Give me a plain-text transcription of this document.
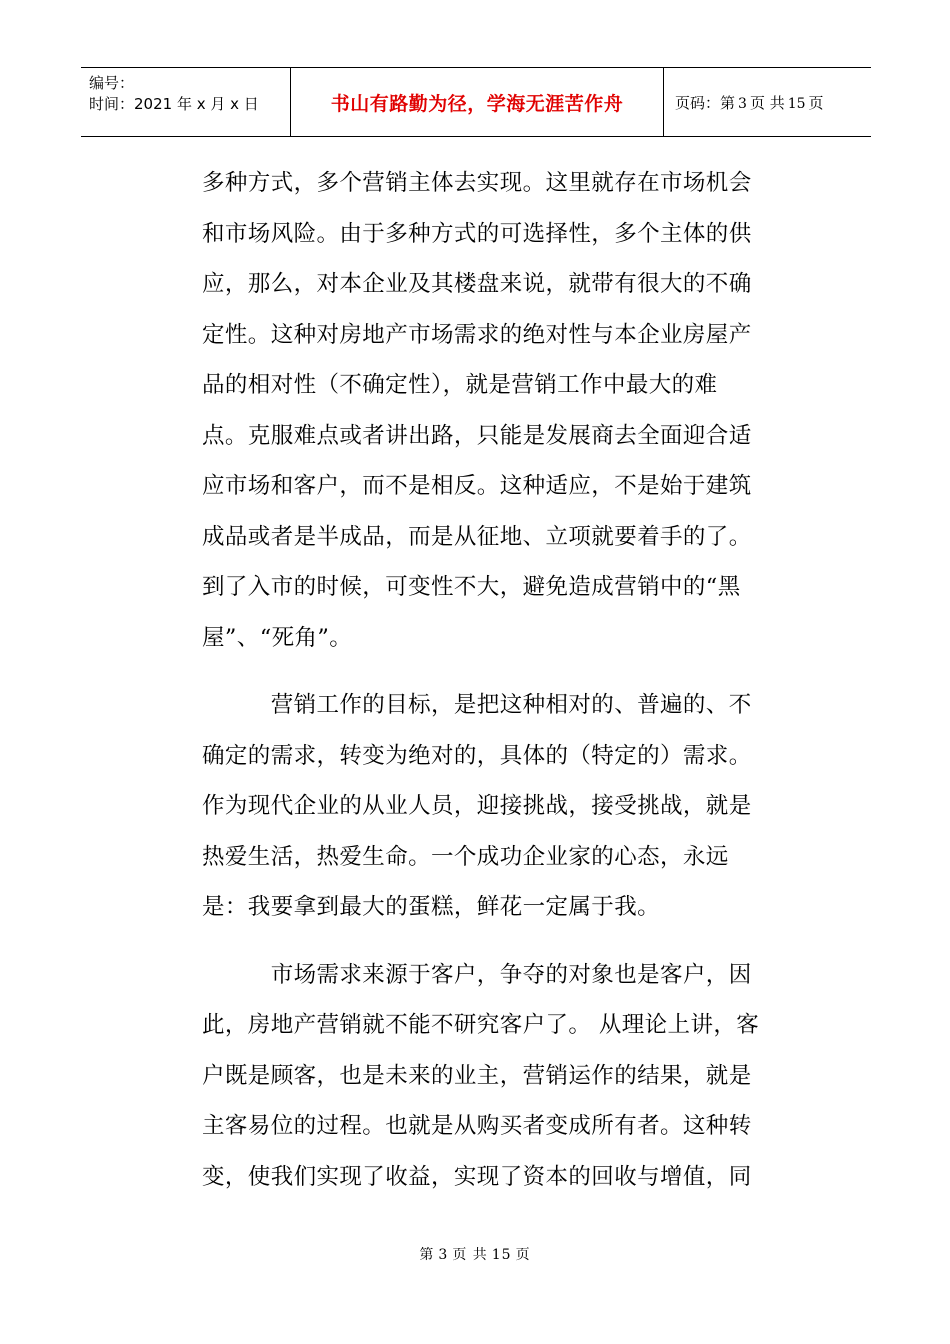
编号：
时间：2021 年 x 月 x 日	书山有路勤为径，学海无涯苦作舟	页码：第 3 页 共 15 页

多种方式，多个营销主体去实现。这里就存在市场机会和市场风险。由于多种方式的可选择性，多个主体的供应，那么，对本企业及其楼盘来说，就带有很大的不确定性。这种对房地产市场需求的绝对性与本企业房屋产品的相对性（不确定性），就是营销工作中最大的难点。克服难点或者讲出路，只能是发展商去全面迎合适应市场和客户，而不是相反。这种适应，不是始于建筑成品或者是半成品，而是从征地、立项就要着手的了。到了入市的时候，可变性不大，避免造成营销中的“黑屋”、“死角”。

　　　营销工作的目标，是把这种相对的、普遍的、不确定的需求，转变为绝对的，具体的（特定的）需求。作为现代企业的从业人员，迎接挑战，接受挑战，就是热爱生活，热爱生命。一个成功企业家的心态，永远是：我要拿到最大的蛋糕，鲜花一定属于我。

　　　市场需求来源于客户，争夺的对象也是客户，因此，房地产营销就不能不研究客户了。 从理论上讲，客户既是顾客，也是未来的业主，营销运作的结果，就是主客易位的过程。也就是从购买者变成所有者。这种转变，使我们实现了收益，实现了资本的回收与增值，同

第 3 页 共 15 页
